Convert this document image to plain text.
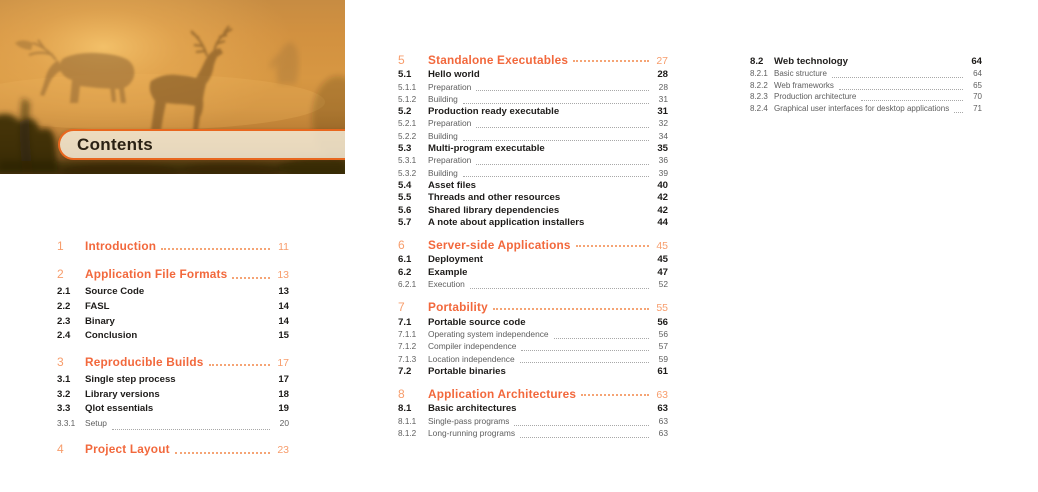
Contents
1	Introduction	11
2	Application File Formats	13
2.1	Source Code	13
2.2	FASL	14
2.3	Binary	14
2.4	Conclusion	15
3	Reproducible Builds	17
3.1	Single step process	17
3.2	Library versions	18
3.3	Qlot essentials	19
3.3.1	Setup	20
4	Project Layout	23
5	Standalone Executables	27
5.1	Hello world	28
5.1.1	Preparation	28
5.1.2	Building	31
5.2	Production ready executable	31
5.2.1	Preparation	32
5.2.2	Building	34
5.3	Multi-program executable	35
5.3.1	Preparation	36
5.3.2	Building	39
5.4	Asset files	40
5.5	Threads and other resources	42
5.6	Shared library dependencies	42
5.7	A note about application installers	44
6	Server-side Applications	45
6.1	Deployment	45
6.2	Example	47
6.2.1	Execution	52
7	Portability	55
7.1	Portable source code	56
7.1.1	Operating system independence	56
7.1.2	Compiler independence	57
7.1.3	Location independence	59
7.2	Portable binaries	61
8	Application Architectures	63
8.1	Basic architectures	63
8.1.1	Single-pass programs	63
8.1.2	Long-running programs	63
8.2	Web technology	64
8.2.1 Basic structure	64
8.2.2 Web frameworks	65
8.2.3 Production architecture	70
8.2.4 Graphical user interfaces for desktop applications	71
